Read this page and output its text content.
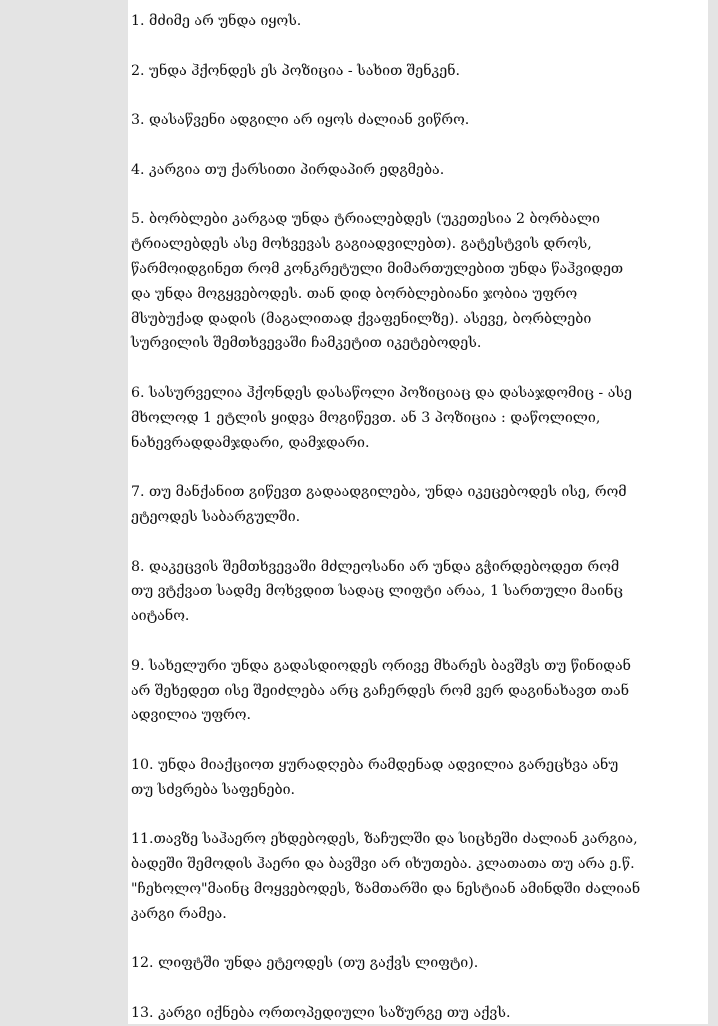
1. მძიმე არ უნდა იყოს.

2. უნდა ჰქონდეს ეს პოზიცია - სახით შენკენ.

3. დასაწვენი ადგილი არ იყოს ძალიან ვიწრო.

4. კარგია თუ ქარსითი პირდაპირ ედგმება.

5. ბორბლები კარგად უნდა ტრიალებდეს (უკეთესია 2 ბორბალი
ტრიალებდეს ასე მოხვევას გაგიადვილებთ). გატესტვის დროს,
წარმოიდგინეთ რომ კონკრეტული მიმართულებით უნდა წაჰვიდეთ
და უნდა მოგყვებოდეს. თან დიდ ბორბლებიანი ჯობია უფრო
მსუბუქად დადის (მაგალითად ქვაფენილზე). ასევე, ბორბლები
სურვილის შემთხვევაში ჩამკეტით იკეტებოდეს.

6. სასურველია ჰქონდეს დასაწოლი პოზიციაც და დასაჯდომიც - ასე
მხოლოდ 1 ეტლის ყიდვა მოგიწევთ. ან 3 პოზიცია : დაწოლილი,
ნახევრადდამჯდარი, დამჯდარი.

7. თუ მანქანით გიწევთ გადაადგილება, უნდა იკეცებოდეს ისე, რომ
ეტეოდეს საბარგულში.

8. დაკეცვის შემთხვევაში მძლეოსანი არ უნდა გჭირდებოდეთ რომ
თუ ვტქვათ სადმე მოხვდით სადაც ლიფტი არაა, 1 სართული მაინც
აიტანო.

9. სახელური უნდა გადასდიოდეს ორივე მხარეს ბავშვს თუ წინიდან
არ შეხედეთ ისე შეიძლება არც გაჩერდეს რომ ვერ დაგინახავთ თან
ადვილია უფრო.

10. უნდა მიაქციოთ ყურადღება რამდენად ადვილია გარეცხვა ანუ
თუ სძვრება საფენები.

11.თავზე საჰაერო ეხდებოდეს, ზაჩულში და სიცხეში ძალიან კარგია,
ბადეში შემოდის ჰაერი და ბავშვი არ იხუთება. კლათათა თუ არა ე.წ.
"ჩეხოლო"მაინც მოყვებოდეს, ზამთარში და ნესტიან ამინდში ძალიან
კარგი რამეა.

12. ლიფტში უნდა ეტეოდეს (თუ გაქვს ლიფტი).

13. კარგი იქნება ორთოპედიული საზურგე თუ აქვს.
